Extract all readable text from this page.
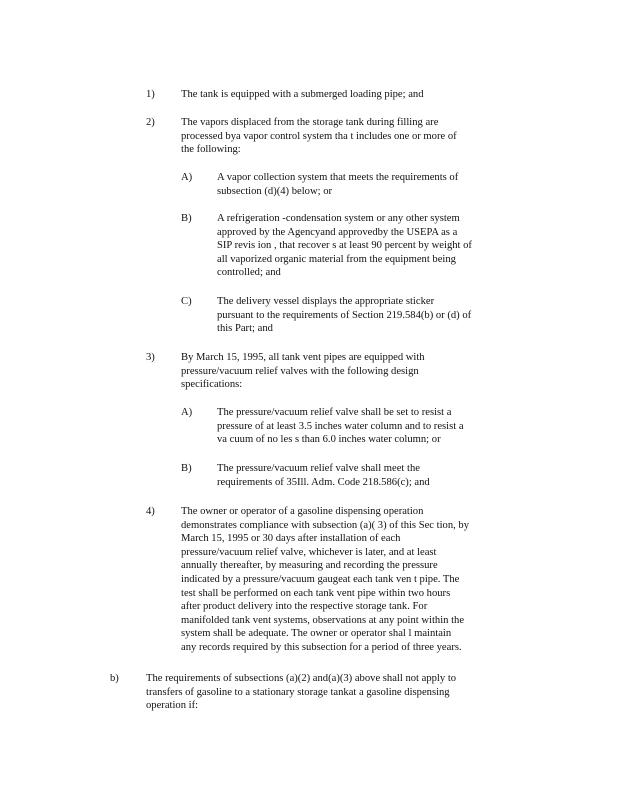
1) The tank is equipped with a submerged loading pipe; and
2) The vapors displaced from the storage tank during filling are
processed bya vapor control system tha t includes one or more of
the following:
A) A vapor collection system that meets the requirements of
subsection (d)(4) below; or
B) A refrigeration -condensation system or any other system
approved by the Agencyand approvedby the USEPA as a
SIP revis ion , that recover s at least 90 percent by weight of
all vaporized organic material from the equipment being
controlled; and
C) The delivery vessel displays the appropriate sticker
pursuant to the requirements of Section 219.584(b) or (d) of
this Part; and
3) By March 15, 1995, all tank vent pipes are equipped with
pressure/vacuum relief valves with the following design
specifications:
A) The pressure/vacuum relief valve shall be set to resist a
pressure of at least 3.5 inches water column and to resist a
va cuum of no les s than 6.0 inches water column; or
B) The pressure/vacuum relief valve shall meet the
requirements of 35Ill. Adm. Code 218.586(c); and
4) The owner or operator of a gasoline dispensing operation
demonstrates compliance with subsection (a)( 3) of this Sec tion, by
March 15, 1995 or 30 days after installation of each
pressure/vacuum relief valve, whichever is later, and at least
annually thereafter, by measuring and recording the pressure
indicated by a pressure/vacuum gaugeat each tank ven t pipe. The
test shall be performed on each tank vent pipe within two hours
after product delivery into the respective storage tank. For
manifolded tank vent systems, observations at any point within the
system shall be adequate. The owner or operator shal l maintain
any records required by this subsection for a period of three years.
b)	The requirements of subsections (a)(2) and(a)(3) above shall not apply to
transfers of gasoline to a stationary storage tankat a gasoline dispensing
operation if:
